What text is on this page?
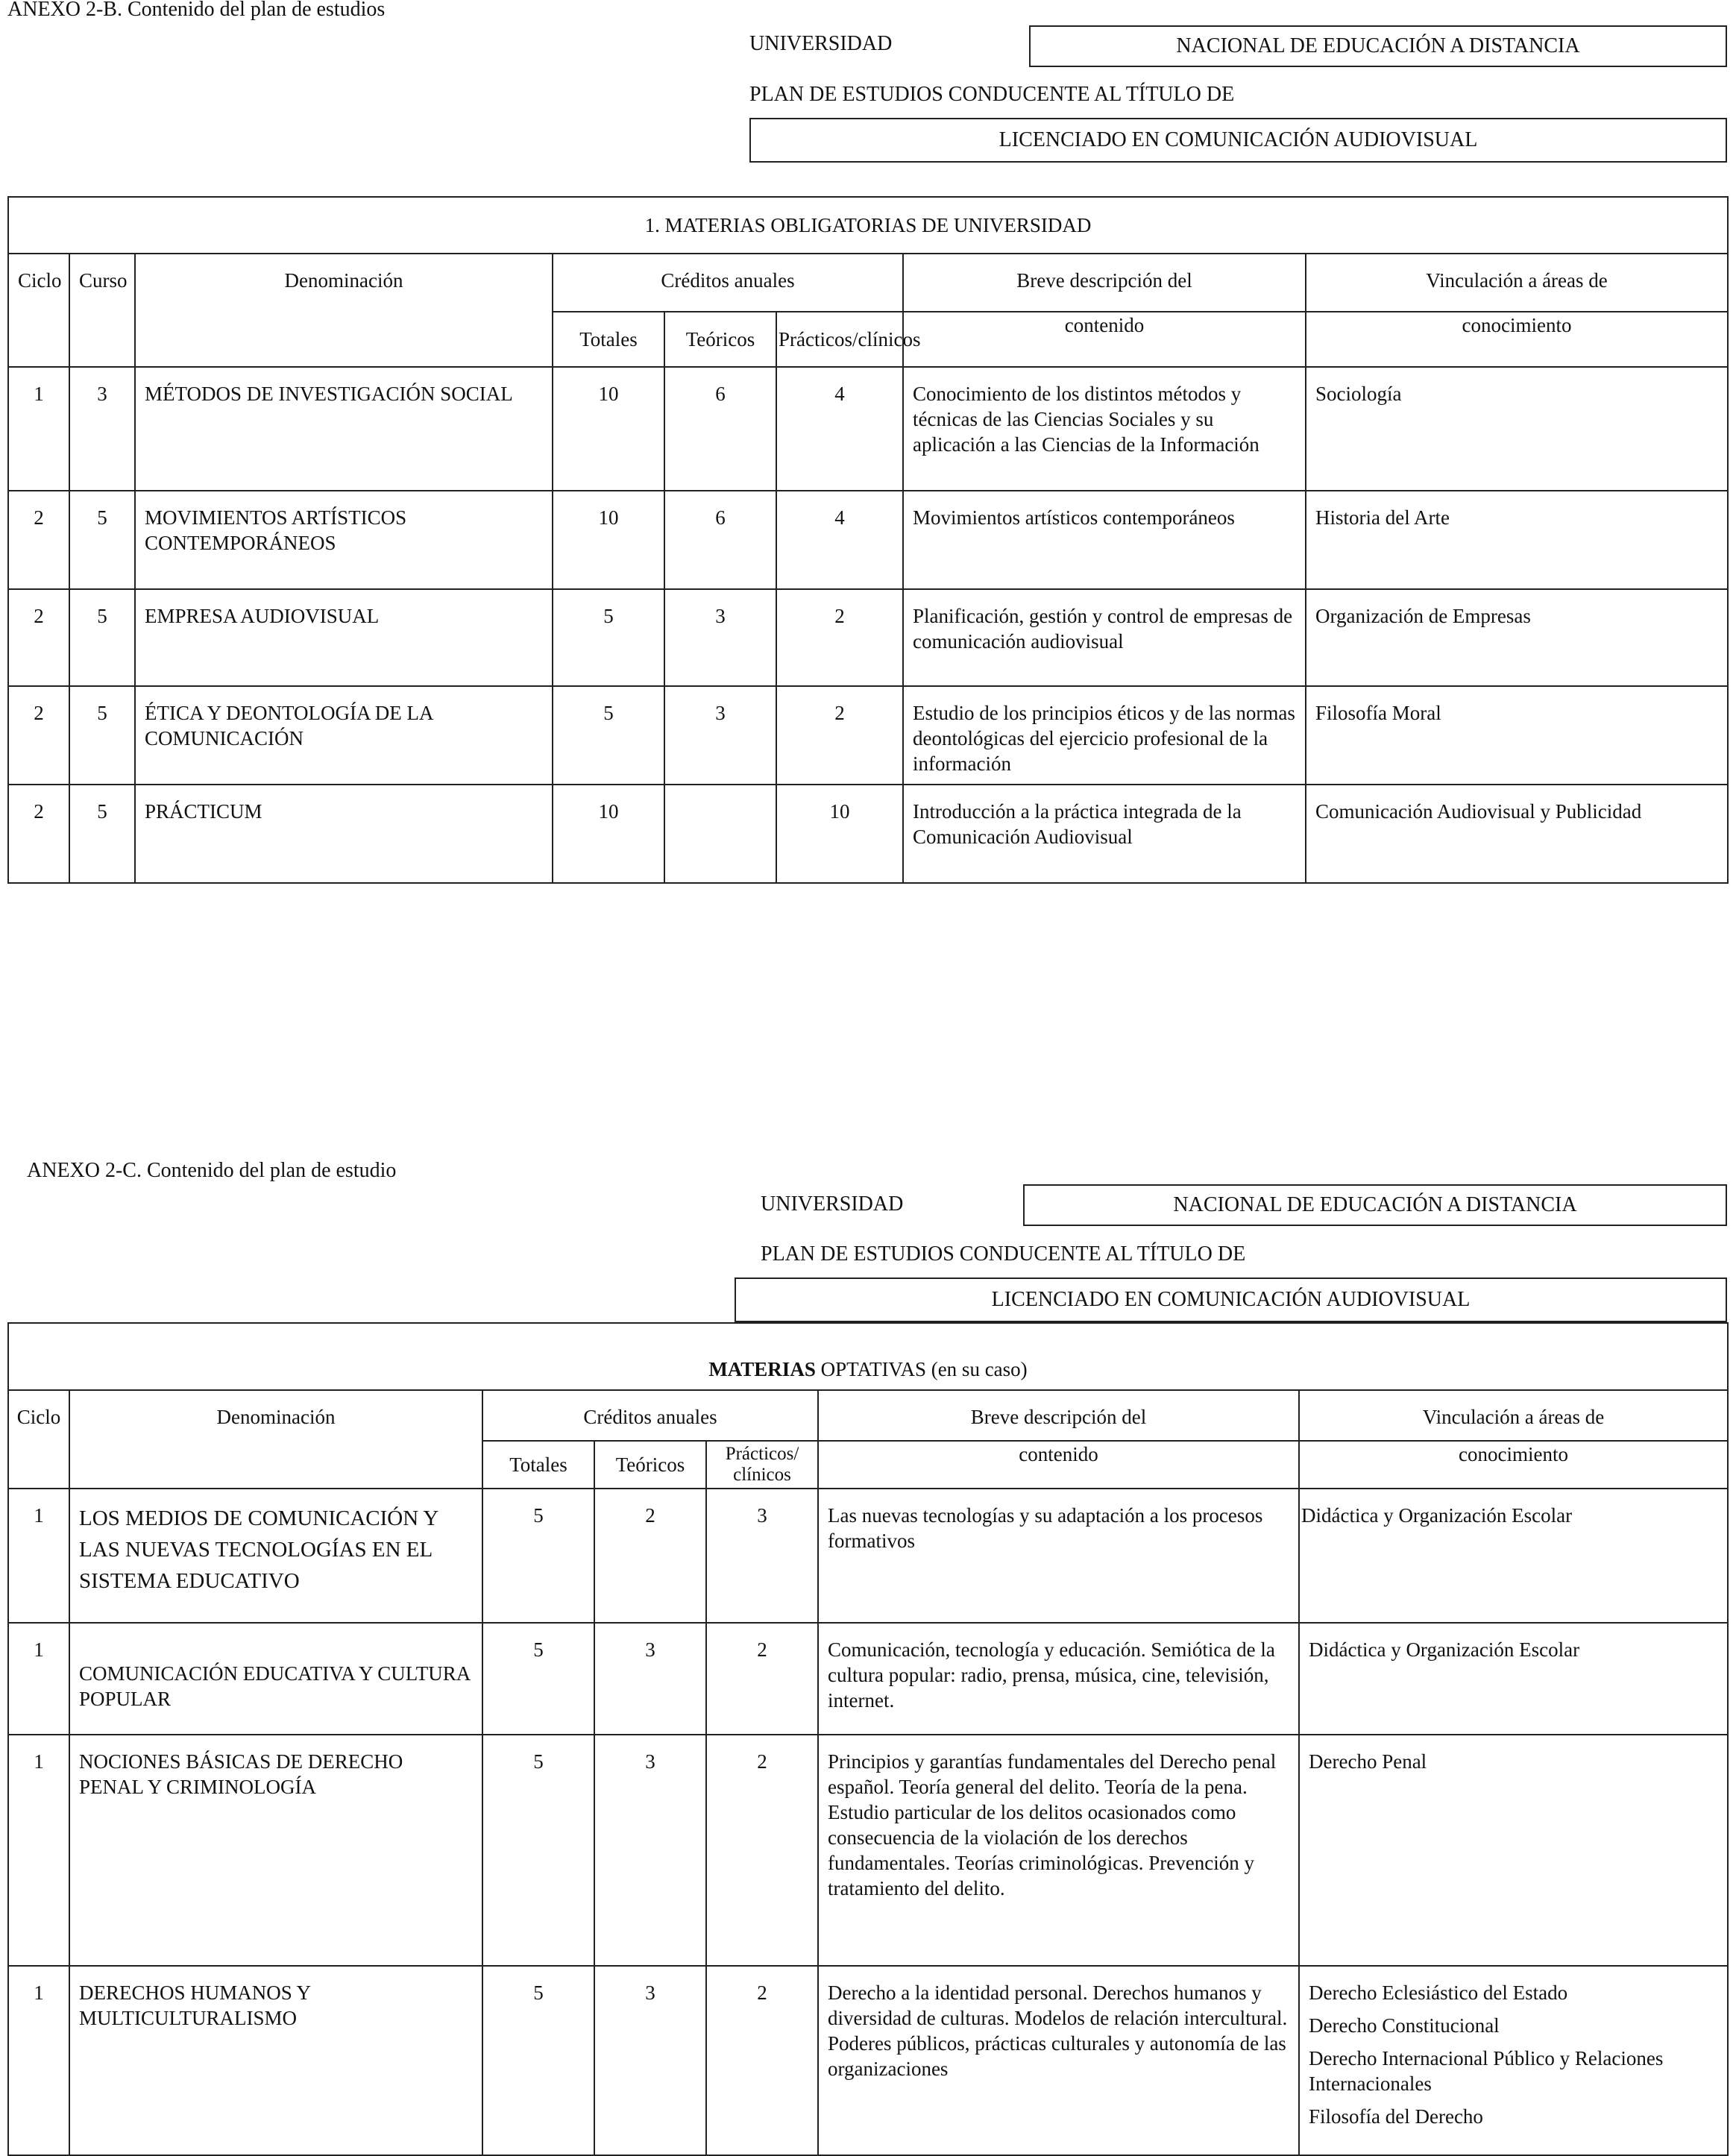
ANEXO 2-B. Contenido del plan de estudios
UNIVERSIDAD	NACIONAL DE EDUCACIÓN A DISTANCIA
PLAN DE ESTUDIOS CONDUCENTE AL TÍTULO DE
LICENCIADO EN COMUNICACIÓN AUDIOVISUAL
1. MATERIAS OBLIGATORIAS DE UNIVERSIDAD							
Ciclo	Curso	Denominación	Créditos anuales			Breve descripción del	Vinculación a áreas de
			Totales	Teóricos	Prácticos/clínicos	contenido	conocimiento
1	3	MÉTODOS DE INVESTIGACIÓN SOCIAL	10	6	4	Conocimiento de los distintos métodos y técnicas de las Ciencias Sociales y su aplicación a las Ciencias de la Información	Sociología
2	5	MOVIMIENTOS ARTÍSTICOS CONTEMPORÁNEOS	10	6	4	Movimientos artísticos contemporáneos	Historia del Arte
2	5	EMPRESA AUDIOVISUAL	5	3	2	Planificación, gestión y control de empresas de comunicación audiovisual	Organización de Empresas
2	5	ÉTICA Y DEONTOLOGÍA DE LA COMUNICACIÓN	5	3	2	Estudio de los principios éticos y de las normas deontológicas del ejercicio profesional de la información	Filosofía Moral
2	5	PRÁCTICUM	10		10	Introducción a la práctica integrada de la Comunicación Audiovisual	Comunicación Audiovisual y Publicidad
ANEXO 2-C. Contenido del plan de estudio
UNIVERSIDAD	NACIONAL DE EDUCACIÓN A DISTANCIA
PLAN DE ESTUDIOS CONDUCENTE AL TÍTULO DE
LICENCIADO EN COMUNICACIÓN AUDIOVISUAL
MATERIAS OPTATIVAS (en su caso)						
Ciclo	Denominación	Créditos anuales			Breve descripción del	Vinculación a áreas de
		Totales	Teóricos	Prácticos/ clínicos	contenido	conocimiento
1	LOS MEDIOS DE COMUNICACIÓN Y LAS NUEVAS TECNOLOGÍAS EN EL SISTEMA EDUCATIVO	5	2	3	Las nuevas tecnologías y su adaptación a los procesos formativos	Didáctica y Organización Escolar

1	COMUNICACIÓN EDUCATIVA Y CULTURA POPULAR	5	3	2	Comunicación, tecnología y educación. Semiótica de la cultura popular: radio, prensa, música, cine, televisión, internet.	Didáctica y Organización Escolar

1	NOCIONES BÁSICAS DE DERECHO PENAL Y CRIMINOLOGÍA	5	3	2	Principios y garantías fundamentales del Derecho penal español. Teoría general del delito. Teoría de la pena. Estudio particular de los delitos ocasionados como consecuencia de la violación de los derechos fundamentales. Teorías criminológicas. Prevención y tratamiento del delito.	Derecho Penal

1	DERECHOS HUMANOS Y MULTICULTURALISMO	5	3	2	Derecho a la identidad personal. Derechos humanos y diversidad de culturas. Modelos de relación intercultural. Poderes públicos, prácticas culturales y autonomía de las organizaciones	Derecho Eclesiástico del Estado
Derecho Constitucional
Derecho Internacional Público y Relaciones Internacionales
Filosofía del Derecho
